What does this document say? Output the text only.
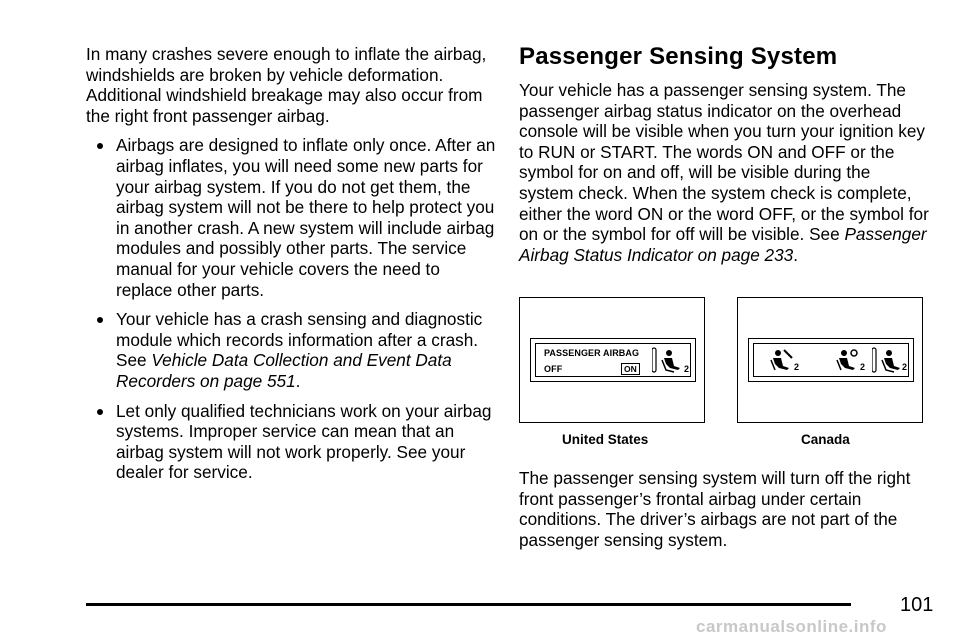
In many crashes severe enough to inflate the airbag, windshields are broken by vehicle deformation. Additional windshield breakage may also occur from the right front passenger airbag.

Airbags are designed to inflate only once. After an airbag inflates, you will need some new parts for your airbag system. If you do not get them, the airbag system will not be there to help protect you in another crash. A new system will include airbag modules and possibly other parts. The service manual for your vehicle covers the need to replace other parts.
Your vehicle has a crash sensing and diagnostic module which records information after a crash. See Vehicle Data Collection and Event Data Recorders on page 551.
Let only qualified technicians work on your airbag systems. Improper service can mean that an airbag system will not work properly. See your dealer for service.
Passenger Sensing System

Your vehicle has a passenger sensing system. The passenger airbag status indicator on the overhead console will be visible when you turn your ignition key to RUN or START. The words ON and OFF or the symbol for on and off, will be visible during the system check. When the system check is complete, either the word ON or the word OFF, or the symbol for on or the symbol for off will be visible. See Passenger Airbag Status Indicator on page 233.

PASSENGER AIRBAG
OFF	ON	2	2	2	2
United States	Canada

The passenger sensing system will turn off the right front passenger’s frontal airbag under certain conditions. The driver’s airbags are not part of the passenger sensing system.

101
carmanualsonline.info
